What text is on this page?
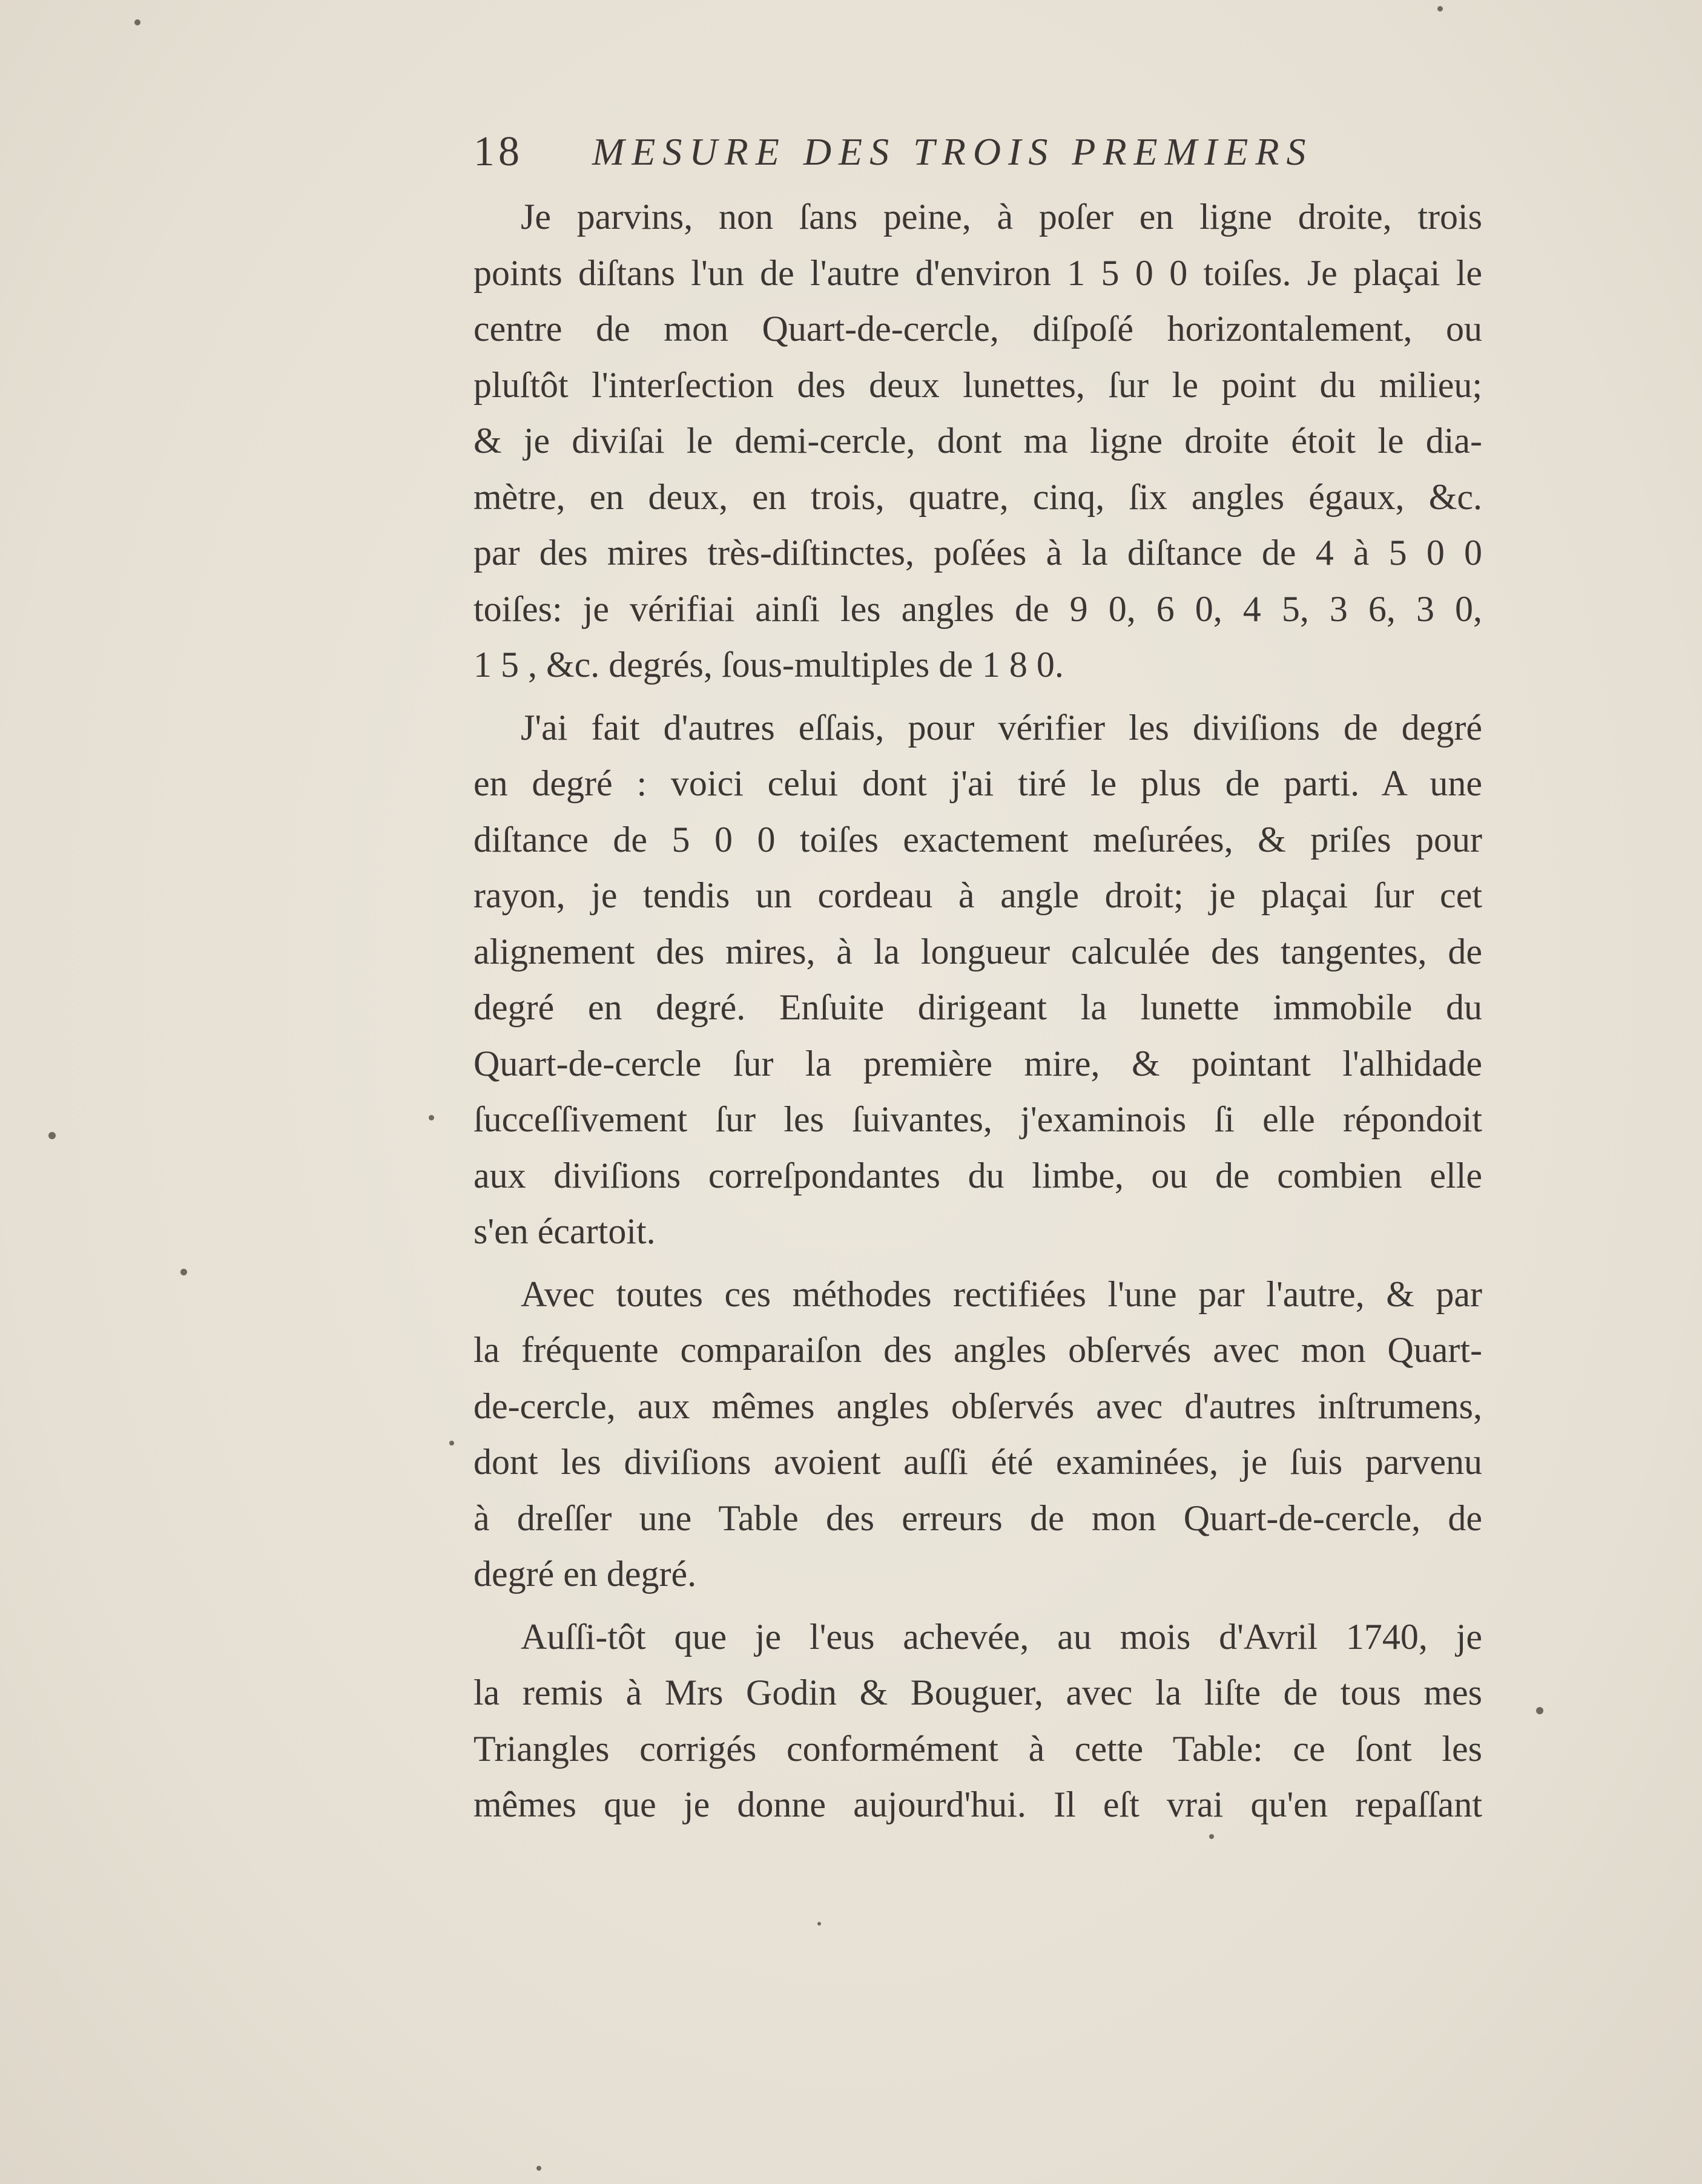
18 MESURE DES TROIS PREMIERS
Je parvins, non ſans peine, à poſer en ligne droite, trois
points diſtans l'un de l'autre d'environ 1 5 0 0 toiſes. Je plaçai le
centre de mon Quart-de-cercle, diſpoſé horizontalement, ou
pluſtôt l'interſection des deux lunettes, ſur le point du milieu;
& je diviſai le demi-cercle, dont ma ligne droite étoit le dia-
mètre, en deux, en trois, quatre, cinq, ſix angles égaux, &c.
par des mires très-diſtinctes, poſées à la diſtance de 4 à 5 0 0
toiſes: je vérifiai ainſi les angles de 9 0, 6 0, 4 5, 3 6, 3 0,
1 5 , &c. degrés, ſous-multiples de 1 8 0.
J'ai fait d'autres eſſais, pour vérifier les diviſions de degré
en degré : voici celui dont j'ai tiré le plus de parti. A une
diſtance de 5 0 0 toiſes exactement meſurées, & priſes pour
rayon, je tendis un cordeau à angle droit; je plaçai ſur cet
alignement des mires, à la longueur calculée des tangentes, de
degré en degré. Enſuite dirigeant la lunette immobile du
Quart-de-cercle ſur la première mire, & pointant l'alhidade
ſucceſſivement ſur les ſuivantes, j'examinois ſi elle répondoit
aux diviſions correſpondantes du limbe, ou de combien elle
s'en écartoit.
Avec toutes ces méthodes rectifiées l'une par l'autre, & par
la fréquente comparaiſon des angles obſervés avec mon Quart-
de-cercle, aux mêmes angles obſervés avec d'autres inſtrumens,
dont les diviſions avoient auſſi été examinées, je ſuis parvenu
à dreſſer une Table des erreurs de mon Quart-de-cercle, de
degré en degré.
Auſſi-tôt que je l'eus achevée, au mois d'Avril 1740, je
la remis à Mrs Godin & Bouguer, avec la liſte de tous mes
Triangles corrigés conformément à cette Table: ce ſont les
mêmes que je donne aujourd'hui. Il eſt vrai qu'en repaſſant
